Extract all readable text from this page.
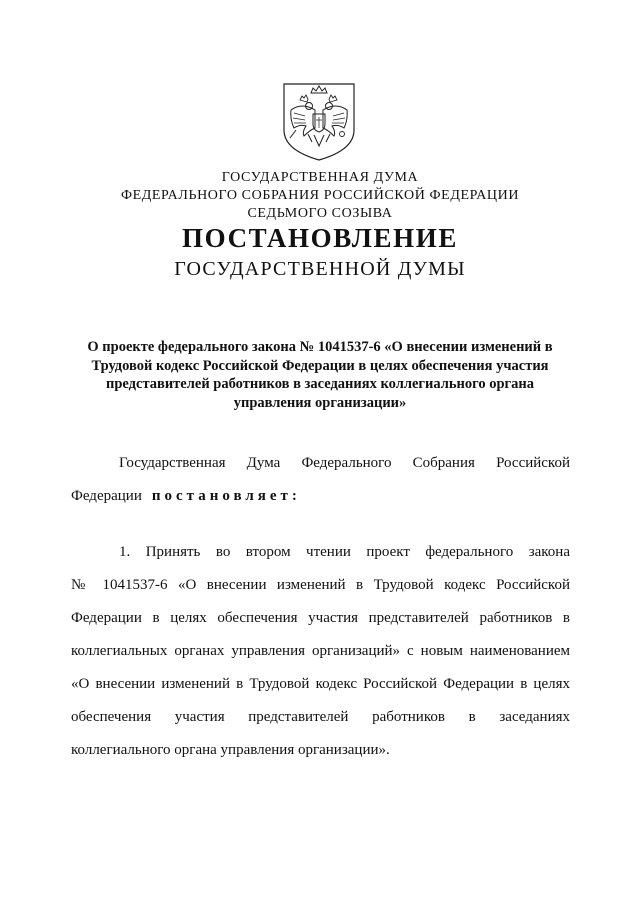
ГОСУДАРСТВЕННАЯ ДУМА
ФЕДЕРАЛЬНОГО СОБРАНИЯ РОССИЙСКОЙ ФЕДЕРАЦИИ
СЕДЬМОГО СОЗЫВА
ПОСТАНОВЛЕНИЕ
ГОСУДАРСТВЕННОЙ ДУМЫ
О проекте федерального закона № 1041537-6 «О внесении изменений в
Трудовой кодекс Российской Федерации в целях обеспечения участия
представителей работников в заседаниях коллегиального органа
управления организации»
Государственная Дума Федерального Собрания Российской
Федерации постановляет:
1. Принять во втором чтении проект федерального закона
№ 1041537-6 «О внесении изменений в Трудовой кодекс Российской
Федерации в целях обеспечения участия представителей работников в
коллегиальных органах управления организаций» с новым наименованием
«О внесении изменений в Трудовой кодекс Российской Федерации в целях
обеспечения участия представителей работников в заседаниях
коллегиального органа управления организации».
